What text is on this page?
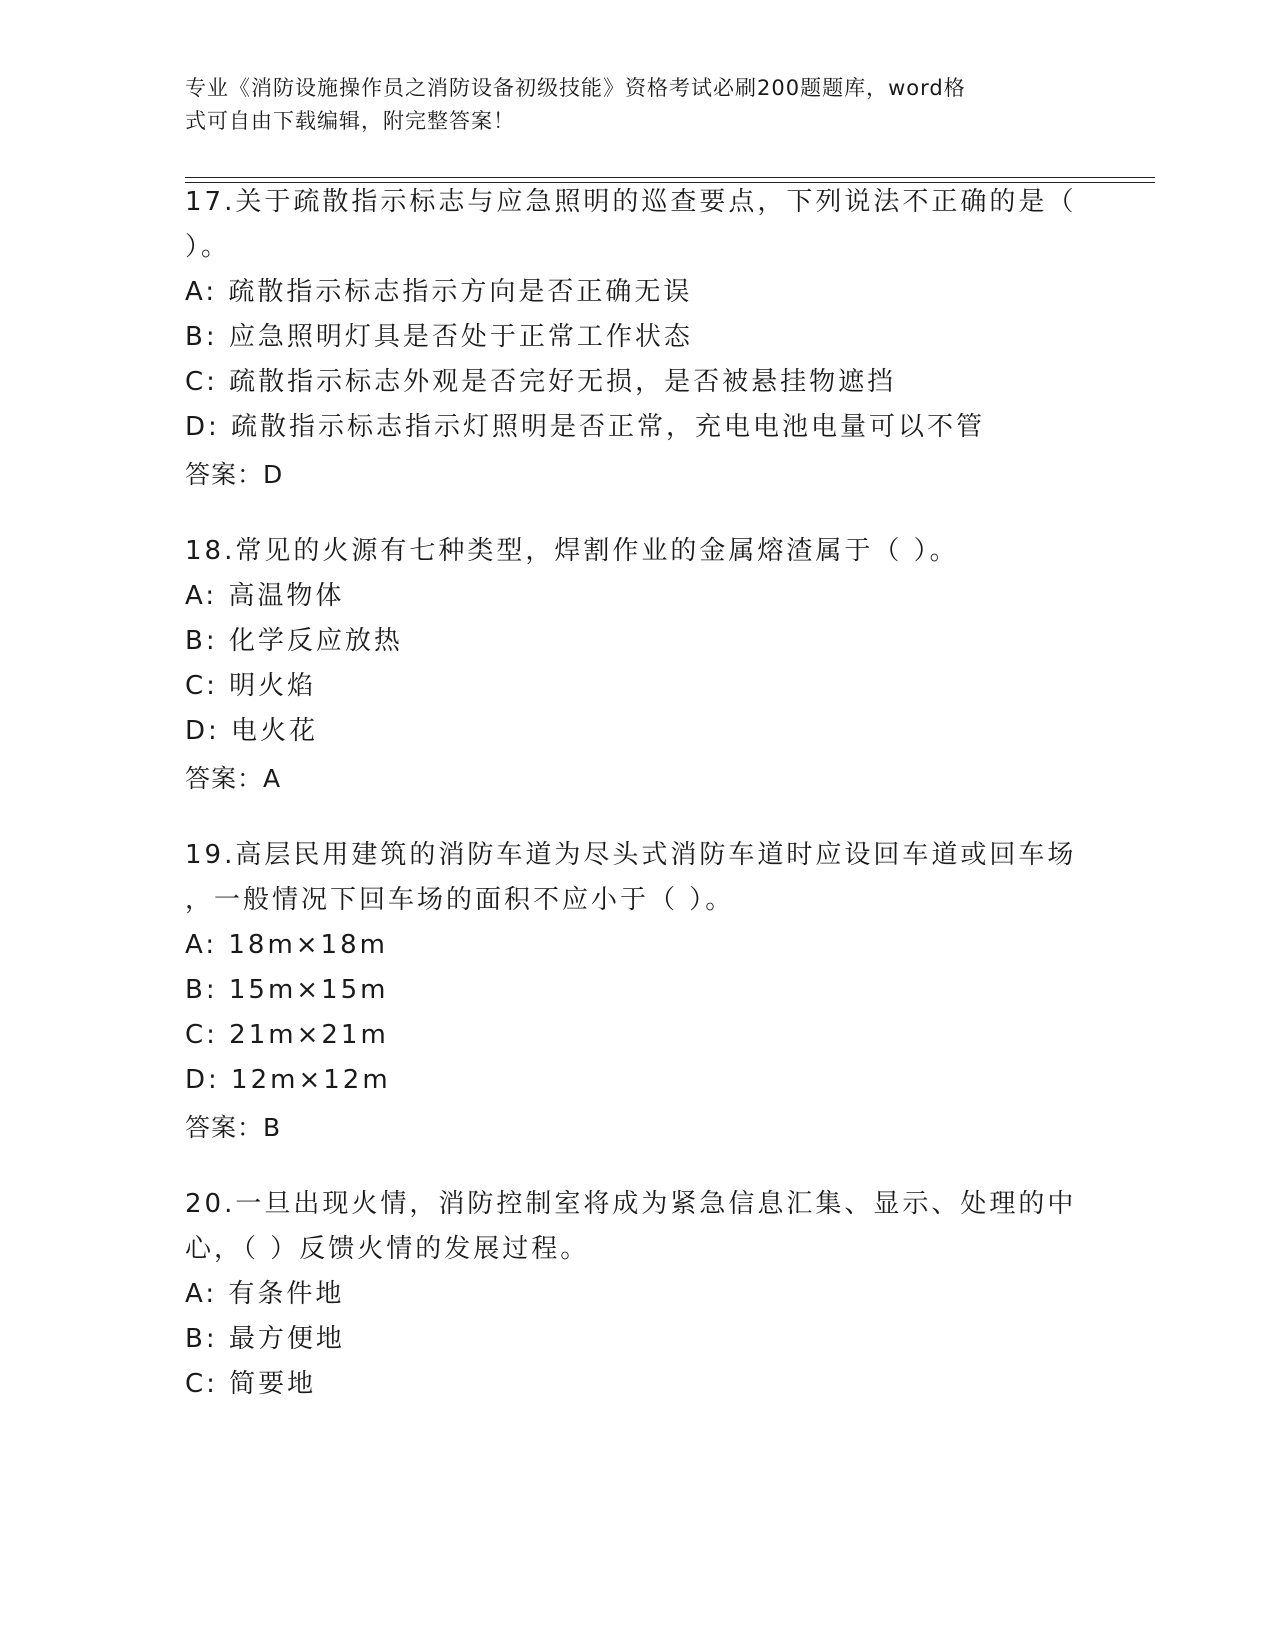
专业《消防设施操作员之消防设备初级技能》资格考试必刷200题题库，word格
式可自由下载编辑，附完整答案！
17.关于疏散指示标志与应急照明的巡查要点，下列说法不正确的是（
）。
A: 疏散指示标志指示方向是否正确无误
B: 应急照明灯具是否处于正常工作状态
C: 疏散指示标志外观是否完好无损，是否被悬挂物遮挡
D: 疏散指示标志指示灯照明是否正常，充电电池电量可以不管
答案：D
18.常见的火源有七种类型，焊割作业的金属熔渣属于（ ）。
A: 高温物体
B: 化学反应放热
C: 明火焰
D: 电火花
答案：A
19.高层民用建筑的消防车道为尽头式消防车道时应设回车道或回车场
，一般情况下回车场的面积不应小于（ ）。
A: 18m×18m
B: 15m×15m
C: 21m×21m
D: 12m×12m
答案：B
20.一旦出现火情，消防控制室将成为紧急信息汇集、显示、处理的中
心，（ ）反馈火情的发展过程。
A: 有条件地
B: 最方便地
C: 简要地
